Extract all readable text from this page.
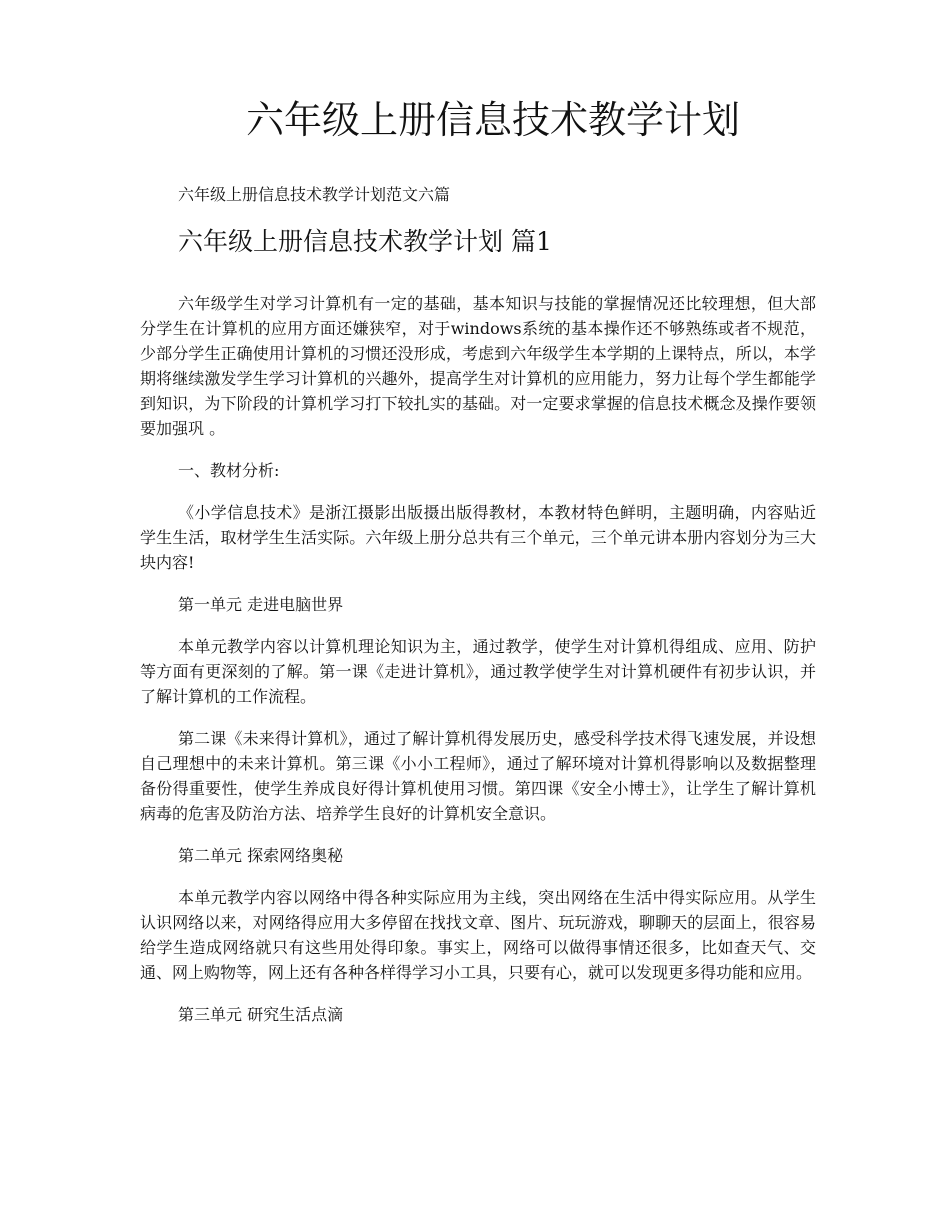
六年级上册信息技术教学计划

六年级上册信息技术教学计划范文六篇

六年级上册信息技术教学计划 篇1

六年级学生对学习计算机有一定的基础，基本知识与技能的掌握情况还比较理想，但大部分学生在计算机的应用方面还嫌狭窄，对于windows系统的基本操作还不够熟练或者不规范，少部分学生正确使用计算机的习惯还没形成，考虑到六年级学生本学期的上课特点，所以，本学期将继续激发学生学习计算机的兴趣外，提高学生对计算机的应用能力，努力让每个学生都能学到知识，为下阶段的计算机学习打下较扎实的基础。对一定要求掌握的信息技术概念及操作要领要加强巩 。

一、教材分析:

《小学信息技术》是浙江摄影出版摄出版得教材，本教材特色鲜明，主题明确，内容贴近学生生活，取材学生生活实际。六年级上册分总共有三个单元，三个单元讲本册内容划分为三大块内容!

第一单元 走进电脑世界

本单元教学内容以计算机理论知识为主，通过教学，使学生对计算机得组成、应用、防护等方面有更深刻的了解。第一课《走进计算机》，通过教学使学生对计算机硬件有初步认识，并了解计算机的工作流程。

第二课《未来得计算机》，通过了解计算机得发展历史，感受科学技术得飞速发展，并设想自己理想中的未来计算机。第三课《小小工程师》，通过了解环境对计算机得影响以及数据整理备份得重要性，使学生养成良好得计算机使用习惯。第四课《安全小博士》，让学生了解计算机病毒的危害及防治方法、培养学生良好的计算机安全意识。

第二单元 探索网络奥秘

本单元教学内容以网络中得各种实际应用为主线，突出网络在生活中得实际应用。从学生认识网络以来，对网络得应用大多停留在找找文章、图片、玩玩游戏，聊聊天的层面上，很容易给学生造成网络就只有这些用处得印象。事实上，网络可以做得事情还很多，比如查天气、交通、网上购物等，网上还有各种各样得学习小工具，只要有心，就可以发现更多得功能和应用。

第三单元 研究生活点滴
